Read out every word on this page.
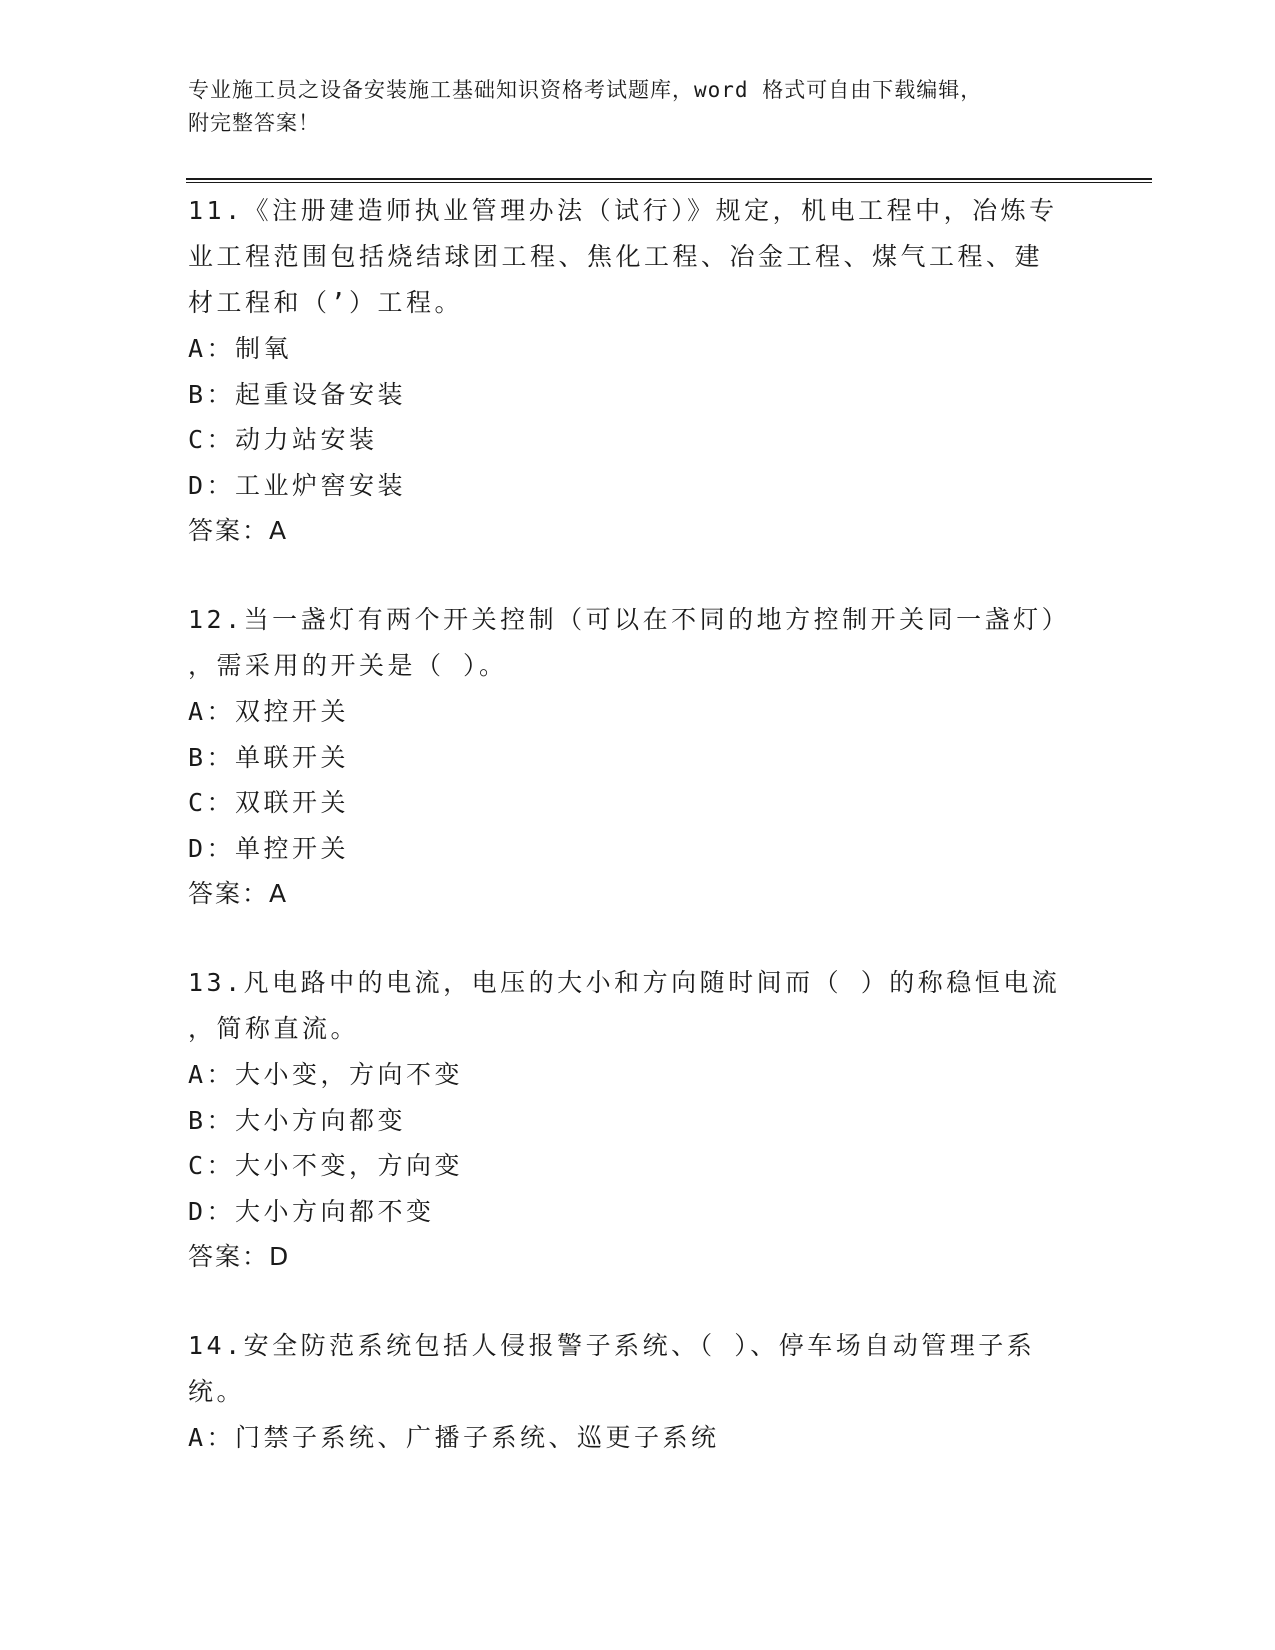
专业施工员之设备安装施工基础知识资格考试题库，word 格式可自由下载编辑，
附完整答案！

11.《注册建造师执业管理办法（试行）》规定，机电工程中，冶炼专

业工程范围包括烧结球团工程、焦化工程、冶金工程、煤气工程、建

材工程和（’）工程。

A：制氧

B：起重设备安装

C：动力站安装

D：工业炉窖安装

答案：A

12.当一盏灯有两个开关控制（可以在不同的地方控制开关同一盏灯）

，需采用的开关是（ ）。

A：双控开关

B：单联开关

C：双联开关

D：单控开关

答案：A

13.凡电路中的电流，电压的大小和方向随时间而（ ）的称稳恒电流

，简称直流。

A：大小变，方向不变

B：大小方向都变

C：大小不变，方向变

D：大小方向都不变

答案：D

14.安全防范系统包括人侵报警子系统、（ ）、停车场自动管理子系

统。

A：门禁子系统、广播子系统、巡更子系统
